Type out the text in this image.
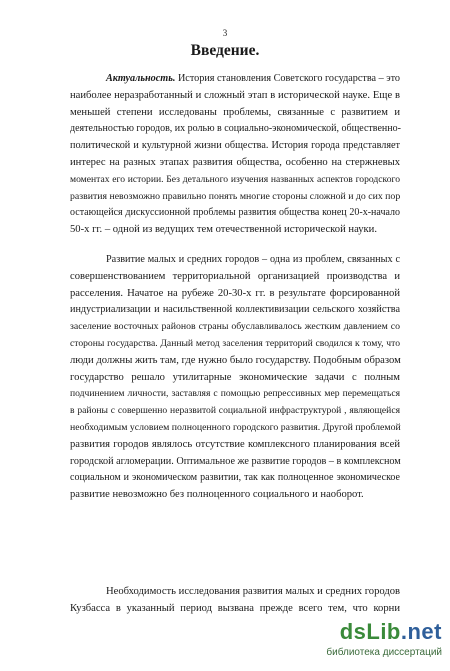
3
Введение.
Актуальность. История становления Советского государства – это
наиболее неразработанный и сложный этап в исторической науке. Еще в
меньшей степени исследованы проблемы, связанные с развитием и
деятельностью городов, их ролью в социально-экономической, общественно-
политической и культурной жизни общества. История города представляет
интерес на разных этапах развития общества, особенно на стержневых
моментах его истории. Без детального изучения названных аспектов городского
развития невозможно правильно понять многие стороны сложной и до сих пор
остающейся дискуссионной проблемы развития общества конец 20-х-начало
50-х гг. – одной из ведущих тем отечественной исторической науки.
Развитие малых и средних городов – одна из проблем, связанных с
совершенствованием территориальной организацией производства и
расселения. Начатое на рубеже 20-30-х гг. в результате форсированной
индустриализации и насильственной коллективизации сельского хозяйства
заселение восточных районов страны обуславливалось жестким давлением со
стороны государства. Данный метод заселения территорий сводился к тому, что
люди должны жить там, где нужно было государству. Подобным образом
государство решало утилитарные экономические задачи с полным
подчинением личности, заставляя с помощью репрессивных мер перемещаться
в районы с совершенно неразвитой социальной инфраструктурой , являющейся
необходимым условием полноценного городского развития. Другой проблемой
развития городов являлось отсутствие комплексного планирования всей
городской агломерации. Оптимальное же развитие городов – в комплексном
социальном и экономическом развитии, так как полноценное экономическое
развитие невозможно без полноценного социального и наоборот.
Необходимость исследования развития малых и средних городов
Кузбасса в указанный период вызвана прежде всего тем, что корни
dsLib.net
библиотека диссертаций
